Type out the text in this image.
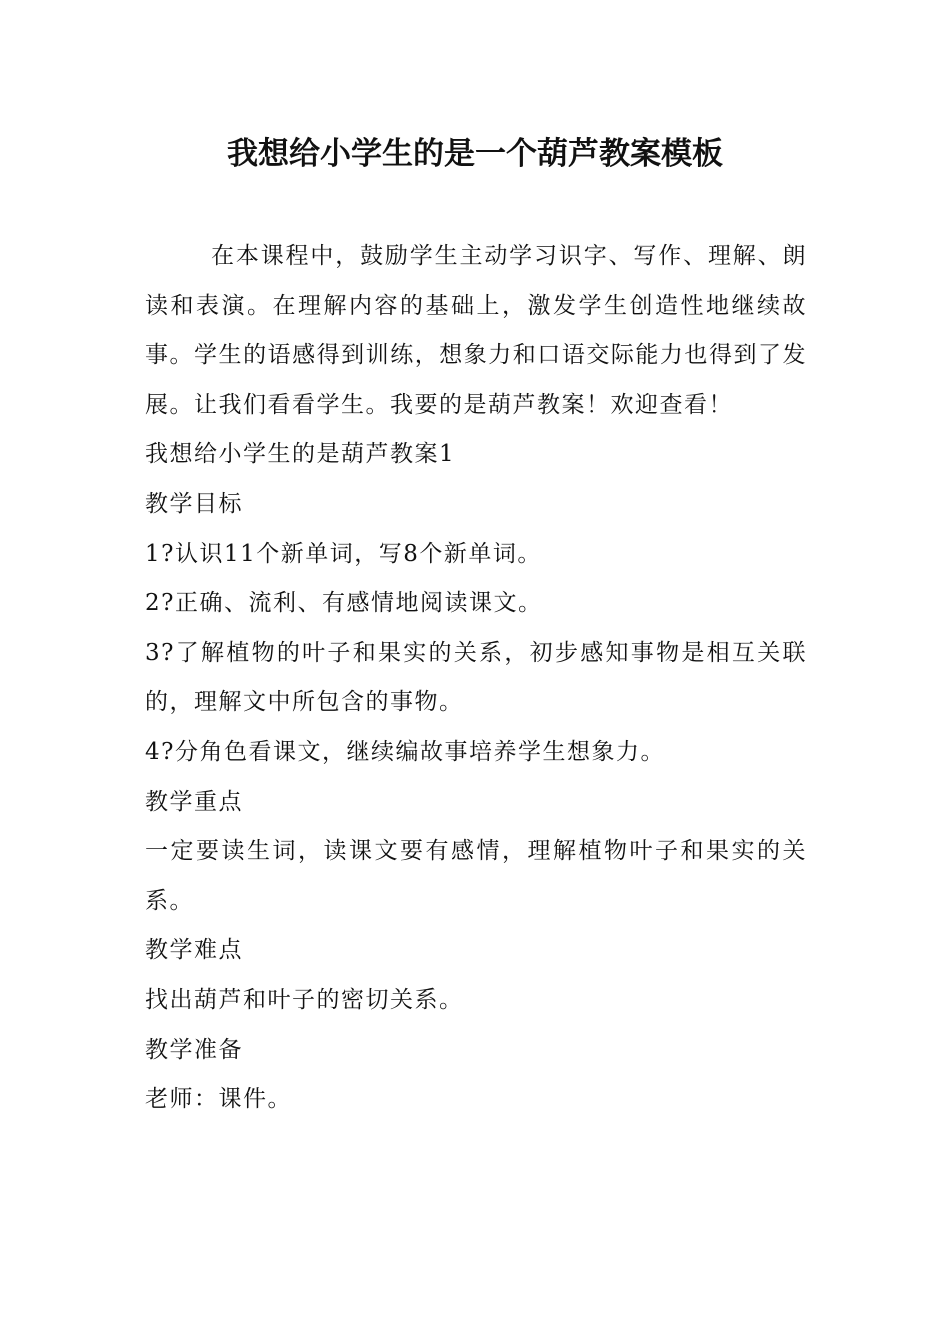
我想给小学生的是一个葫芦教案模板

在本课程中，鼓励学生主动学习识字、写作、理解、朗读和表演。在理解内容的基础上，激发学生创造性地继续故事。学生的语感得到训练，想象力和口语交际能力也得到了发展。让我们看看学生。我要的是葫芦教案！欢迎查看！

我想给小学生的是葫芦教案1

教学目标

1?认识11个新单词，写8个新单词。

2?正确、流利、有感情地阅读课文。

3?了解植物的叶子和果实的关系，初步感知事物是相互关联的，理解文中所包含的事物。

4?分角色看课文，继续编故事培养学生想象力。

教学重点

一定要读生词，读课文要有感情，理解植物叶子和果实的关系。

教学难点

找出葫芦和叶子的密切关系。

教学准备

老师：课件。
